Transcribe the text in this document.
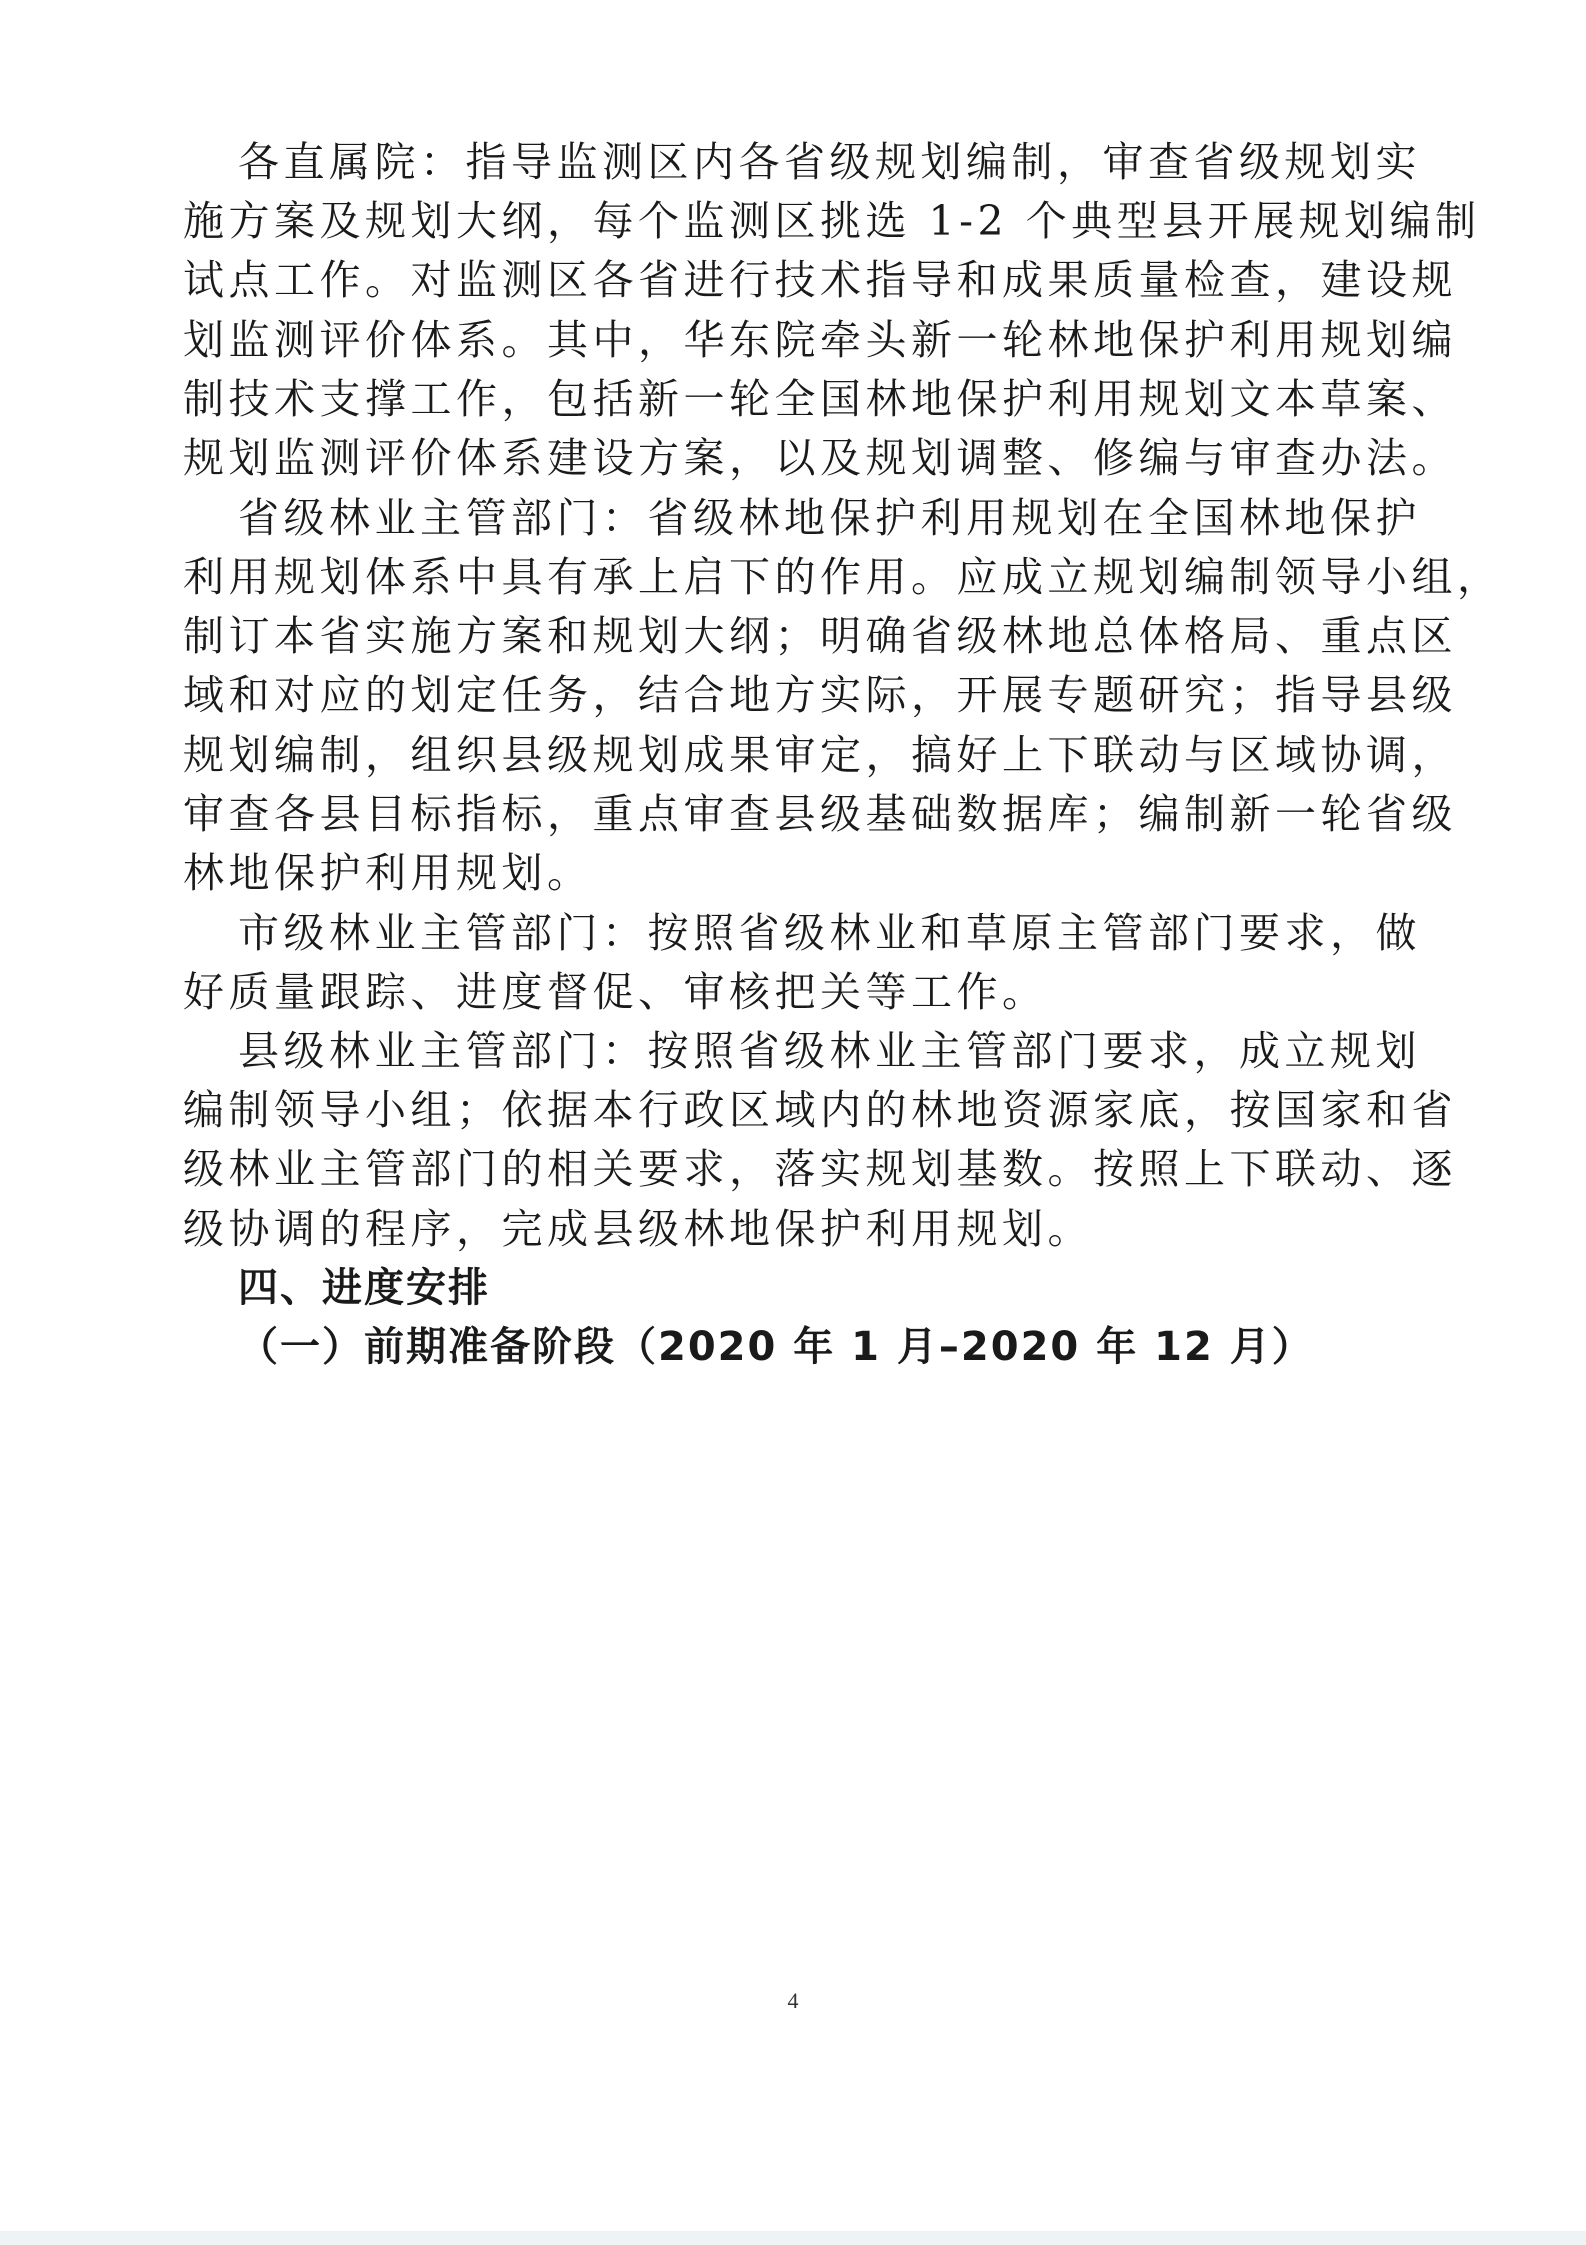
各直属院：指导监测区内各省级规划编制，审查省级规划实
施方案及规划大纲，每个监测区挑选 1-2 个典型县开展规划编制
试点工作。对监测区各省进行技术指导和成果质量检查，建设规
划监测评价体系。其中，华东院牵头新一轮林地保护利用规划编
制技术支撑工作，包括新一轮全国林地保护利用规划文本草案、
规划监测评价体系建设方案，以及规划调整、修编与审查办法。
省级林业主管部门：省级林地保护利用规划在全国林地保护
利用规划体系中具有承上启下的作用。应成立规划编制领导小组，
制订本省实施方案和规划大纲；明确省级林地总体格局、重点区
域和对应的划定任务，结合地方实际，开展专题研究；指导县级
规划编制，组织县级规划成果审定，搞好上下联动与区域协调，
审查各县目标指标，重点审查县级基础数据库；编制新一轮省级
林地保护利用规划。
市级林业主管部门：按照省级林业和草原主管部门要求，做
好质量跟踪、进度督促、审核把关等工作。
县级林业主管部门：按照省级林业主管部门要求，成立规划
编制领导小组；依据本行政区域内的林地资源家底，按国家和省
级林业主管部门的相关要求，落实规划基数。按照上下联动、逐
级协调的程序，完成县级林地保护利用规划。
四、进度安排
（一）前期准备阶段（2020 年 1 月–2020 年 12 月）
4
